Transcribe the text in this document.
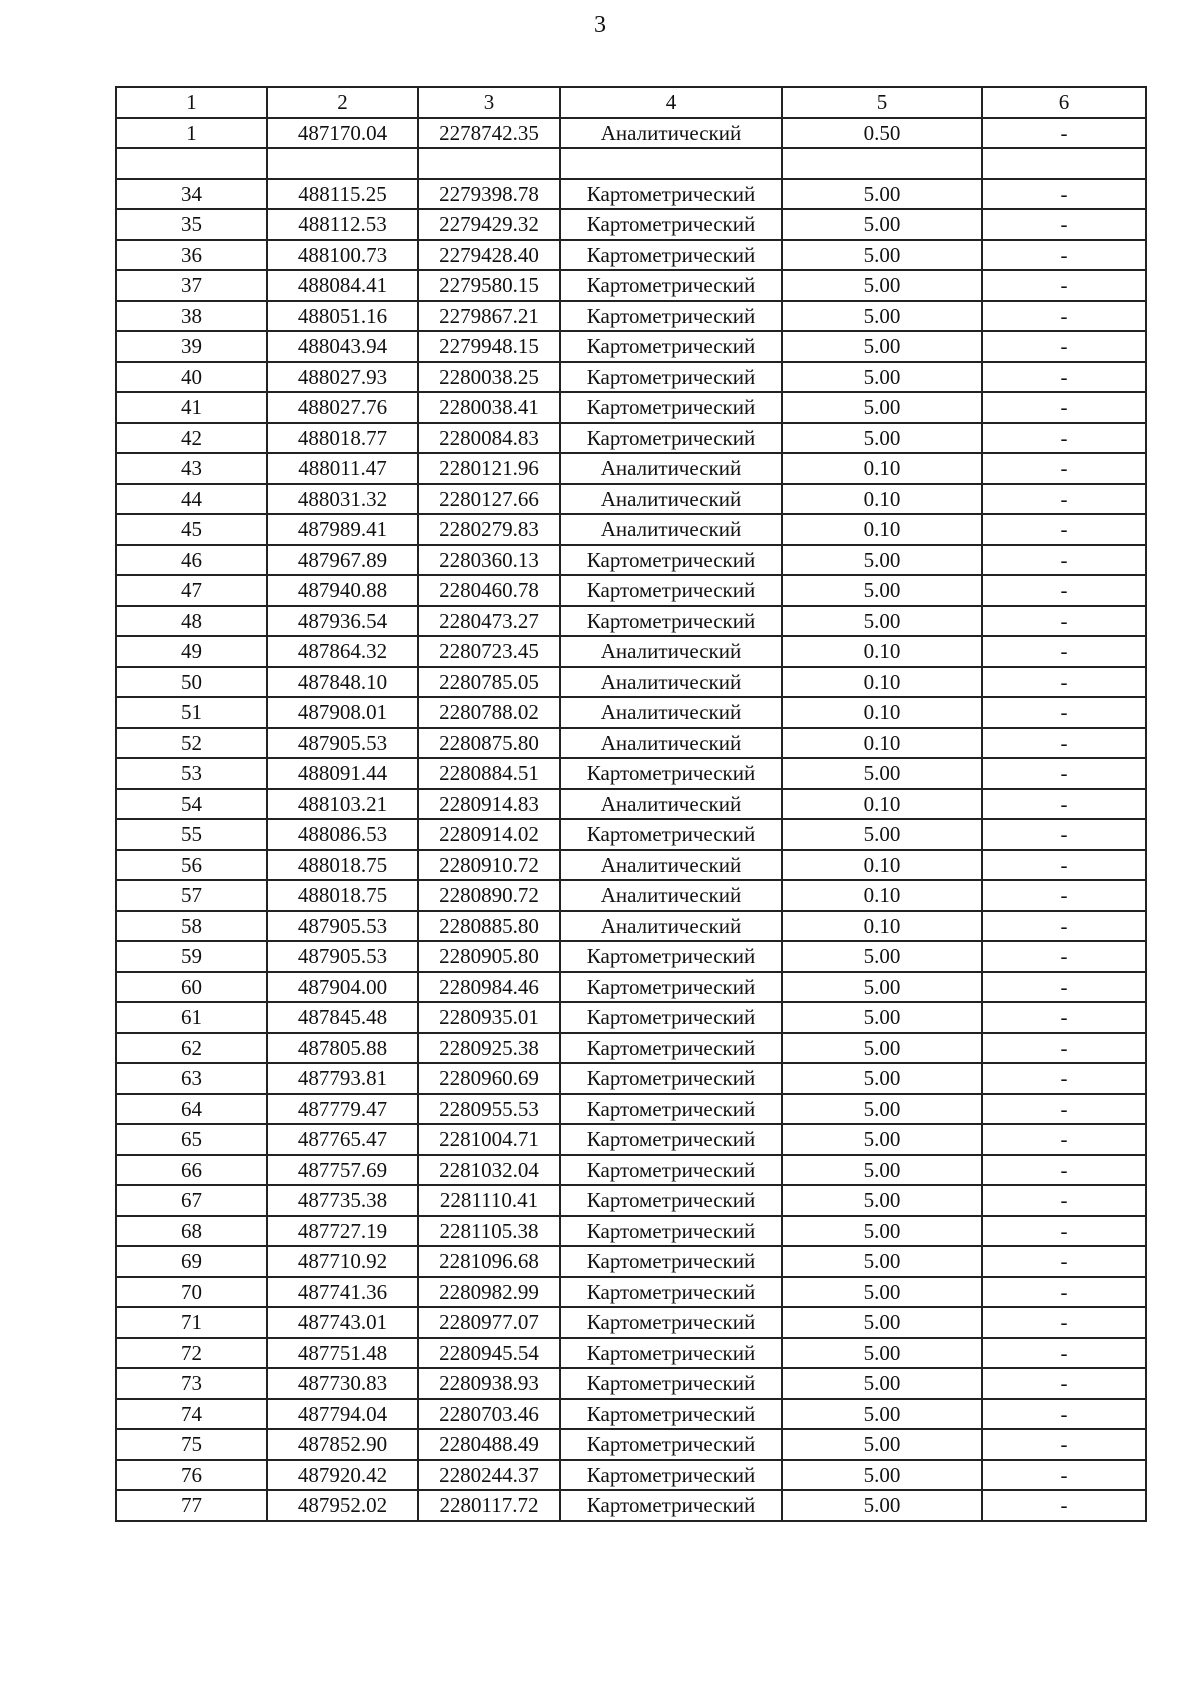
3
1	2	3	4	5	6
1	487170.04	2278742.35	Аналитический	0.50	-

34	488115.25	2279398.78	Картометрический	5.00	-
35	488112.53	2279429.32	Картометрический	5.00	-
36	488100.73	2279428.40	Картометрический	5.00	-
37	488084.41	2279580.15	Картометрический	5.00	-
38	488051.16	2279867.21	Картометрический	5.00	-
39	488043.94	2279948.15	Картометрический	5.00	-
40	488027.93	2280038.25	Картометрический	5.00	-
41	488027.76	2280038.41	Картометрический	5.00	-
42	488018.77	2280084.83	Картометрический	5.00	-
43	488011.47	2280121.96	Аналитический	0.10	-
44	488031.32	2280127.66	Аналитический	0.10	-
45	487989.41	2280279.83	Аналитический	0.10	-
46	487967.89	2280360.13	Картометрический	5.00	-
47	487940.88	2280460.78	Картометрический	5.00	-
48	487936.54	2280473.27	Картометрический	5.00	-
49	487864.32	2280723.45	Аналитический	0.10	-
50	487848.10	2280785.05	Аналитический	0.10	-
51	487908.01	2280788.02	Аналитический	0.10	-
52	487905.53	2280875.80	Аналитический	0.10	-
53	488091.44	2280884.51	Картометрический	5.00	-
54	488103.21	2280914.83	Аналитический	0.10	-
55	488086.53	2280914.02	Картометрический	5.00	-
56	488018.75	2280910.72	Аналитический	0.10	-
57	488018.75	2280890.72	Аналитический	0.10	-
58	487905.53	2280885.80	Аналитический	0.10	-
59	487905.53	2280905.80	Картометрический	5.00	-
60	487904.00	2280984.46	Картометрический	5.00	-
61	487845.48	2280935.01	Картометрический	5.00	-
62	487805.88	2280925.38	Картометрический	5.00	-
63	487793.81	2280960.69	Картометрический	5.00	-
64	487779.47	2280955.53	Картометрический	5.00	-
65	487765.47	2281004.71	Картометрический	5.00	-
66	487757.69	2281032.04	Картометрический	5.00	-
67	487735.38	2281110.41	Картометрический	5.00	-
68	487727.19	2281105.38	Картометрический	5.00	-
69	487710.92	2281096.68	Картометрический	5.00	-
70	487741.36	2280982.99	Картометрический	5.00	-
71	487743.01	2280977.07	Картометрический	5.00	-
72	487751.48	2280945.54	Картометрический	5.00	-
73	487730.83	2280938.93	Картометрический	5.00	-
74	487794.04	2280703.46	Картометрический	5.00	-
75	487852.90	2280488.49	Картометрический	5.00	-
76	487920.42	2280244.37	Картометрический	5.00	-
77	487952.02	2280117.72	Картометрический	5.00	-
